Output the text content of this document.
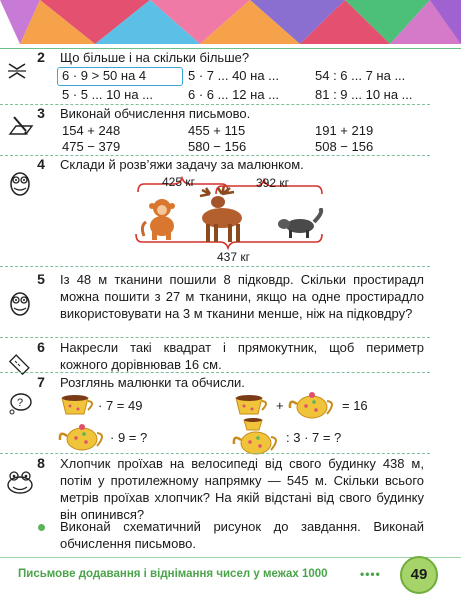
2	Що більше і на скільки більше?
6 · 9 > 50 на 4	5 · 7 ... 40 на ...	54 : 6 ... 7 на ...
5 · 5 ... 10 на ...	6 · 6 ... 12 на ...	81 : 9 ... 10 на ...
3	Виконай обчислення письмово.
154 + 248	455 + 115	191 + 219
475 − 379	580 − 156	508 − 156
4	Склади й розв’яжи задачу за малюнком.
425 кг	392 кг
437 кг
5	Із 48 м тканини пошили 8 підковдр. Скільки простирадл можна пошити з 27 м тканини, якщо на одне простирадло використовувати на 3 м тканини менше, ніж на підковдру?
6	Накресли такі квадрат і прямокутник, щоб периметр кожного дорівнював 16 см.
?
7	Розглянь малюнки та обчисли.
· 7 = 49	+	= 16
· 9 = ?	: 3 · 7 = ?
8	Хлопчик проїхав на велосипеді від свого будинку 438 м, потім у протилежному напрямку — 545 м. Скільки всього метрів проїхав хлопчик? На якій відстані від свого будинку він опинився?
Виконай схематичний рисунок до завдання. Виконай обчислення письмово.
Письмове додавання і віднімання чисел у межах 1000	••••	49
